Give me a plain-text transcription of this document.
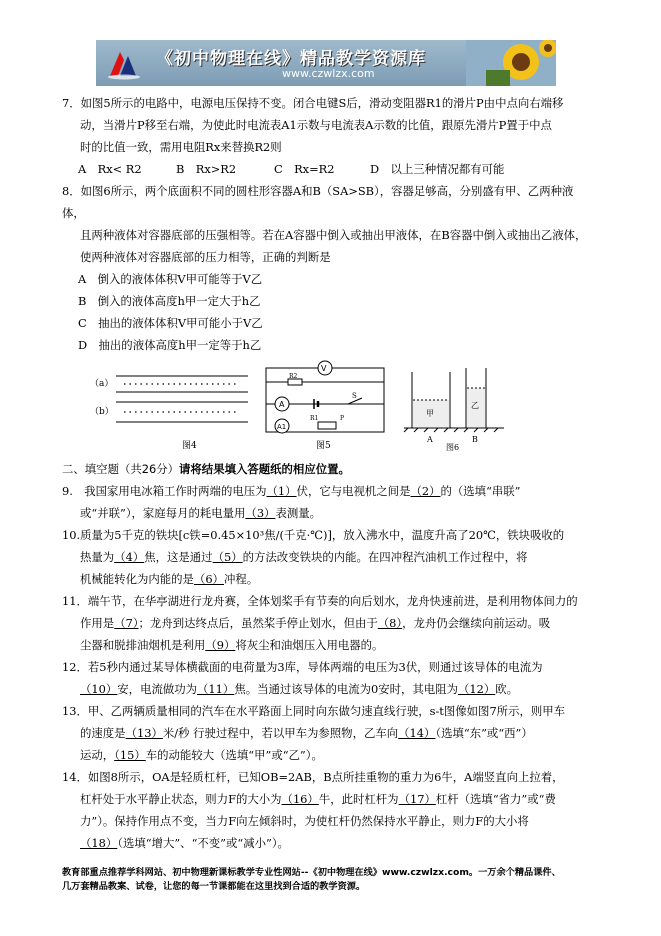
《初中物理在线》精品教学资源库
www.czwlzx.com
7．如图5所示的电路中，电源电压保持不变。闭合电键S后，滑动变阻器R1的滑片P由中点向右端移
动，当滑片P移至右端，为使此时电流表A1示数与电流表A示数的比值，跟原先滑片P置于中点
时的比值一致，需用电阻Rx来替换R2则
A　Rx< R2	B　Rx>R2	C　Rx=R2	D　以上三种情况都有可能
8．如图6所示，两个底面积不同的圆柱形容器A和B（SA>SB），容器足够高，分别盛有甲、乙两种液体，
且两种液体对容器底部的压强相等。若在A容器中倒入或抽出甲液体，在B容器中倒入或抽出乙液体，
使两种液体对容器底部的压力相等，正确的判断是
A　倒入的液体体积V甲可能等于V乙
B　倒入的液体高度h甲一定大于h乙
C　抽出的液体体积V甲可能小于V乙
D　抽出的液体高度h甲一定等于h乙
（a）
（b）
图4
V
R2
A
S
A1
R1	P
图5
甲
乙
A	B
图6
二、填空题（共26分）请将结果填入答题纸的相应位置。
9.　我国家用电冰箱工作时两端的电压为（1）伏，它与电视机之间是（2）的（选填“串联”
或“并联”），家庭每月的耗电量用（3）表测量。
10.质量为5千克的铁块[c铁=0.45×10³焦/(千克·℃)]，放入沸水中，温度升高了20℃，铁块吸收的
热量为（4）焦，这是通过（5）的方法改变铁块的内能。在四冲程汽油机工作过程中，将
机械能转化为内能的是（6）冲程。
11．端午节，在华亭湖进行龙舟赛，全体划桨手有节奏的向后划水，龙舟快速前进，是利用物体间力的
作用是（7）；龙舟到达终点后，虽然桨手停止划水，但由于（8），龙舟仍会继续向前运动。吸
尘器和脱排油烟机是利用（9）将灰尘和油烟压入用电器的。
12．若5秒内通过某导体横截面的电荷量为3库，导体两端的电压为3伏，则通过该导体的电流为
（10）安，电流做功为（11）焦。当通过该导体的电流为0安时，其电阻为（12）欧。
13．甲、乙两辆质量相同的汽车在水平路面上同时向东做匀速直线行驶，s-t图像如图7所示，则甲车
的速度是（13）米/秒 行驶过程中，若以甲车为参照物，乙车向（14）（选填“东”或“西”）
运动，（15）车的动能较大（选填“甲”或“乙”）。
14．如图8所示，OA是轻质杠杆，已知OB=2AB，B点所挂重物的重力为6牛，A端竖直向上拉着，
杠杆处于水平静止状态，则力F的大小为（16）牛，此时杠杆为（17）杠杆（选填“省力”或“费
力”）。保持作用点不变，当力F向左倾斜时，为使杠杆仍然保持水平静止，则力F的大小将
（18）（选填“增大”、“不变”或“减小”）。
教育部重点推荐学科网站、初中物理新课标教学专业性网站--《初中物理在线》www.czwlzx.com。一万余个精品课件、
几万套精品教案、试卷，让您的每一节课都能在这里找到合适的教学资源。
